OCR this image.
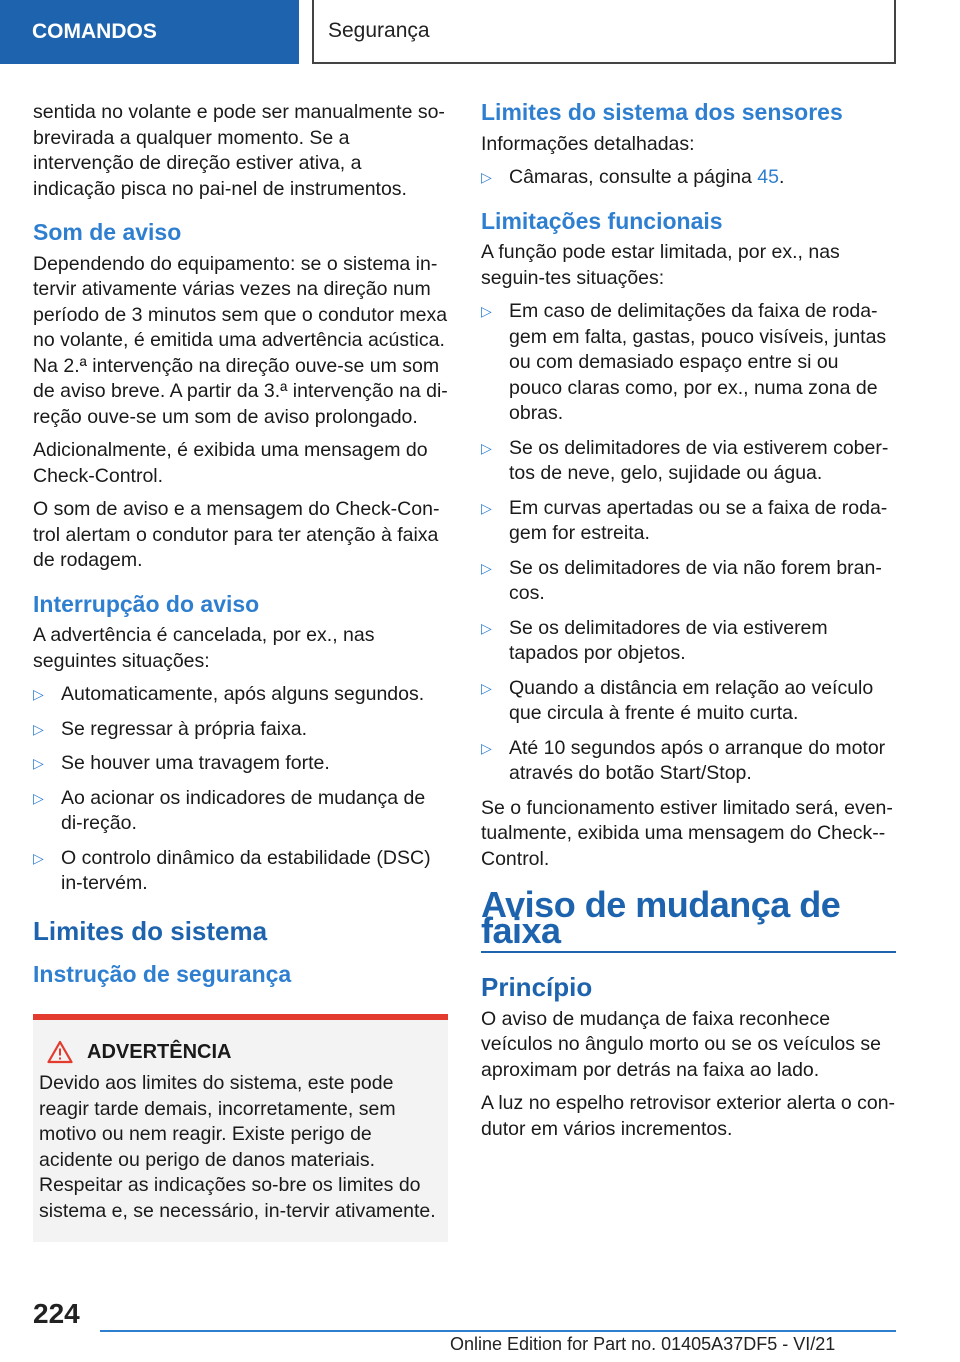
COMANDOS	Segurança

sentida no volante e pode ser manualmente so-brevirada a qualquer momento. Se a intervenção de direção estiver ativa, a indicação pisca no pai-nel de instrumentos.

Som de aviso

Dependendo do equipamento: se o sistema in-tervir ativamente várias vezes na direção num período de 3 minutos sem que o condutor mexa no volante, é emitida uma advertência acústica. Na 2.ª intervenção na direção ouve-se um som de aviso breve. A partir da 3.ª intervenção na di-reção ouve-se um som de aviso prolongado.

Adicionalmente, é exibida uma mensagem do Check-Control.

O som de aviso e a mensagem do Check-Con-trol alertam o condutor para ter atenção à faixa de rodagem.

Interrupção do aviso

A advertência é cancelada, por ex., nas seguintes situações:

▷ Automaticamente, após alguns segundos.
▷ Se regressar à própria faixa.
▷ Se houver uma travagem forte.
▷ Ao acionar os indicadores de mudança de di-reção.
▷ O controlo dinâmico da estabilidade (DSC) in-tervém.
Limites do sistema
Instrução de segurança
ADVERTÊNCIA

Devido aos limites do sistema, este pode reagir tarde demais, incorretamente, sem motivo ou nem reagir. Existe perigo de acidente ou perigo de danos materiais. Respeitar as indicações so-bre os limites do sistema e, se necessário, in-tervir ativamente.

Limites do sistema dos sensores

Informações detalhadas:

▷ Câmaras, consulte a página 45.
Limitações funcionais

A função pode estar limitada, por ex., nas seguin-tes situações:

▷ Em caso de delimitações da faixa de roda-gem em falta, gastas, pouco visíveis, juntas ou com demasiado espaço entre si ou pouco claras como, por ex., numa zona de obras.
▷ Se os delimitadores de via estiverem cober-tos de neve, gelo, sujidade ou água.
▷ Em curvas apertadas ou se a faixa de roda-gem for estreita.
▷ Se os delimitadores de via não forem bran-cos.
▷ Se os delimitadores de via estiverem tapados por objetos.
▷ Quando a distância em relação ao veículo que circula à frente é muito curta.
▷ Até 10 segundos após o arranque do motor através do botão Start/Stop.

Se o funcionamento estiver limitado será, even-tualmente, exibida uma mensagem do Check--Control.

Aviso de mudança de faixa
Princípio

O aviso de mudança de faixa reconhece veículos no ângulo morto ou se os veículos se aproximam por detrás na faixa ao lado.

A luz no espelho retrovisor exterior alerta o con-dutor em vários incrementos.

224
Online Edition for Part no. 01405A37DF5 - VI/21
